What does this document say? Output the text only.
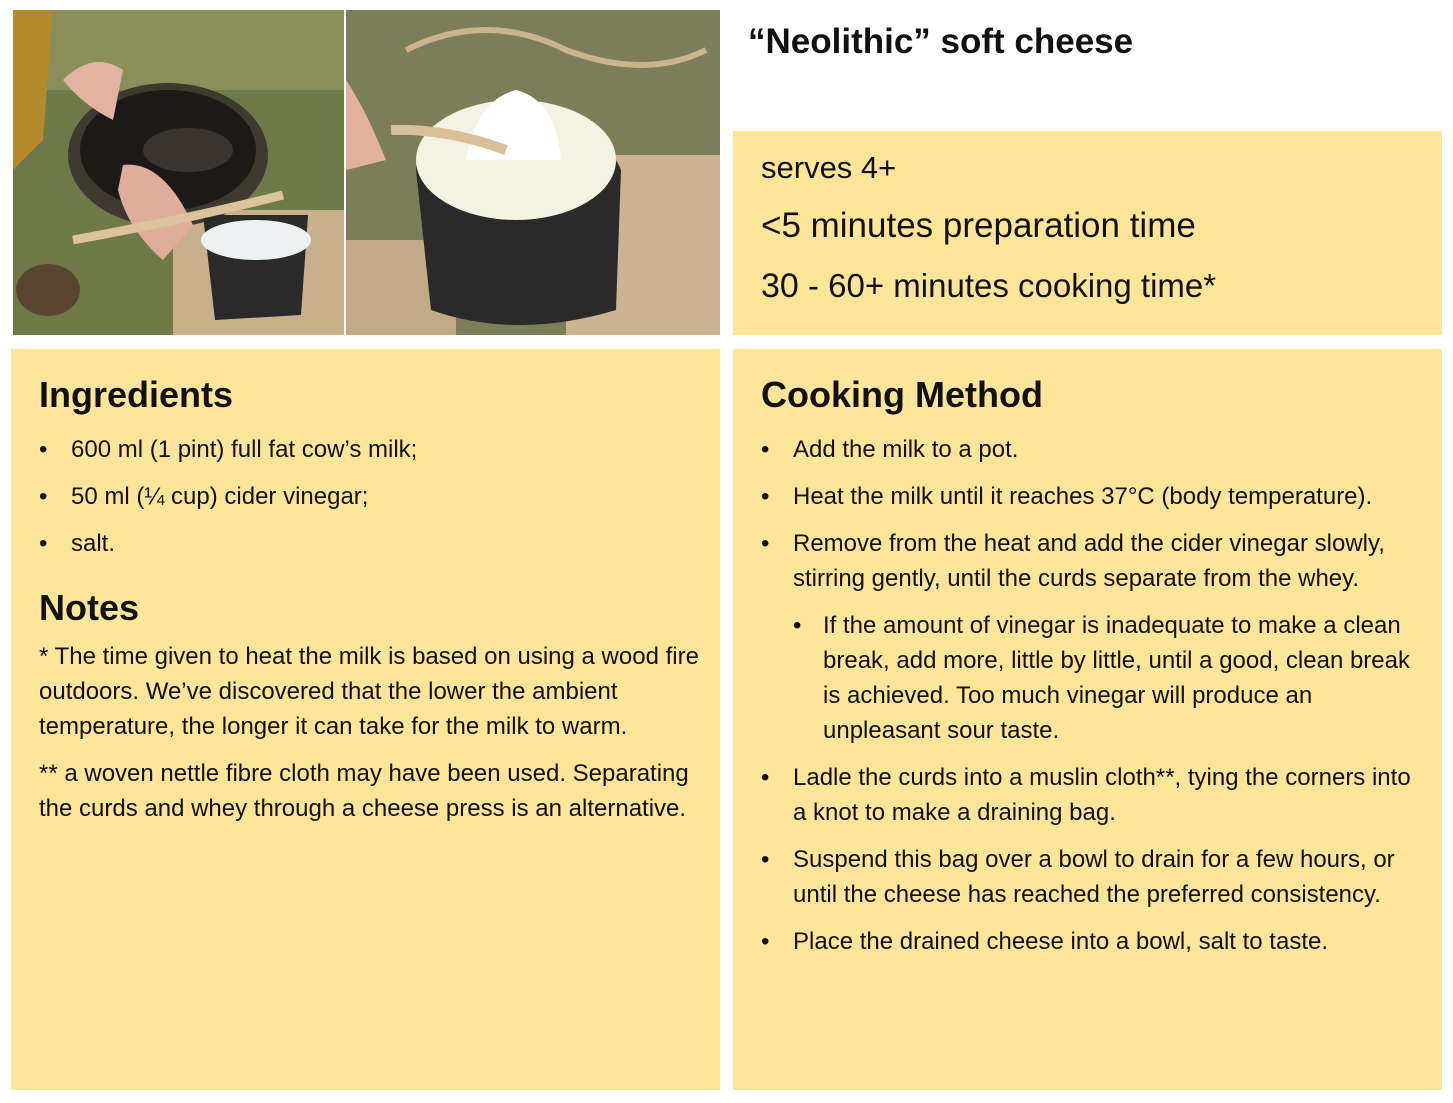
“Neolithic” soft cheese
serves 4+
<5 minutes preparation time
30 - 60+ minutes cooking time*
Ingredients
• 600 ml (1 pint) full fat cow’s milk;
• 50 ml (¼ cup) cider vinegar;
• salt.
Notes

* The time given to heat the milk is based on using a wood fire outdoors. We’ve discovered that the lower the ambient temperature, the longer it can take for the milk to warm.

** a woven nettle fibre cloth may have been used. Separating the curds and whey through a cheese press is an alternative.

Cooking Method
• Add the milk to a pot.
• Heat the milk until it reaches 37°C (body temperature).
• Remove from the heat and add the cider vinegar slowly, stirring gently, until the curds separate from the whey.
• If the amount of vinegar is inadequate to make a clean break, add more, little by little, until a good, clean break is achieved. Too much vinegar will produce an unpleasant sour taste.
• Ladle the curds into a muslin cloth**, tying the corners into a knot to make a draining bag.
• Suspend this bag over a bowl to drain for a few hours, or until the cheese has reached the preferred consistency.
• Place the drained cheese into a bowl, salt to taste.
